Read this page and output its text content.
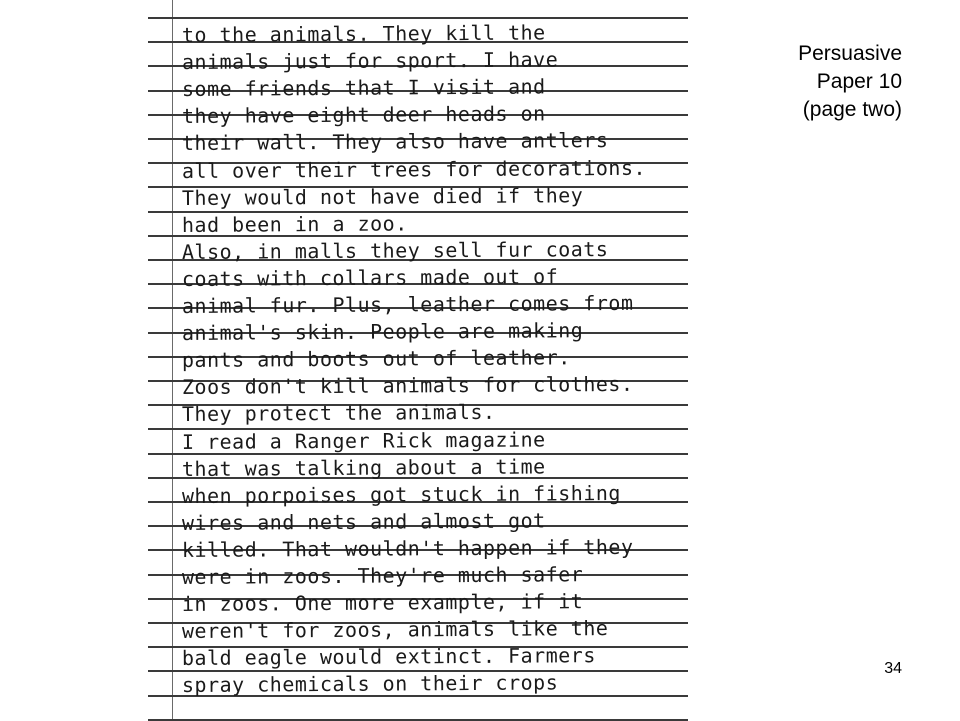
to the animals. They kill the
animals just for sport. I have
some friends that I visit and
they have eight deer heads on
their wall. They also have antlers
all over their trees for decorations.
They would not have died if they
had been in a zoo.
Also, in malls they sell fur coats
coats with collars made out of
animal fur. Plus, leather comes from
animal's skin. People are making
pants and boots out of leather.
Zoos don't kill animals for clothes.
They protect the animals.
I read a Ranger Rick magazine
that was talking about a time
when porpoises got stuck in fishing
wires and nets and almost got
killed. That wouldn't happen if they
were in zoos. They're much safer
in zoos. One more example, if it
weren't for zoos, animals like the
bald eagle would extinct. Farmers
spray chemicals on their crops
Persuasive
Paper 10
(page two)
34
